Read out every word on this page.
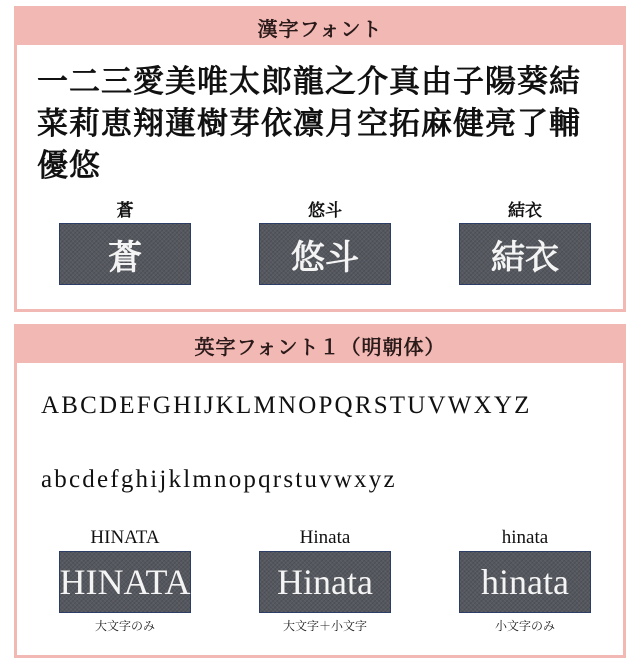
漢字フォント
一二三愛美唯太郎龍之介真由子陽葵結菜莉恵翔蓮樹芽依凛月空拓麻健亮了輔優悠
蒼
蒼
悠斗
悠斗
結衣
結衣
英字フォント１（明朝体）
ABCDEFGHIJKLMNOPQRSTUVWXYZ
abcdefghijklmnopqrstuvwxyz
HINATA
HINATA
大文字のみ
Hinata
Hinata
大文字＋小文字
hinata
hinata
小文字のみ
